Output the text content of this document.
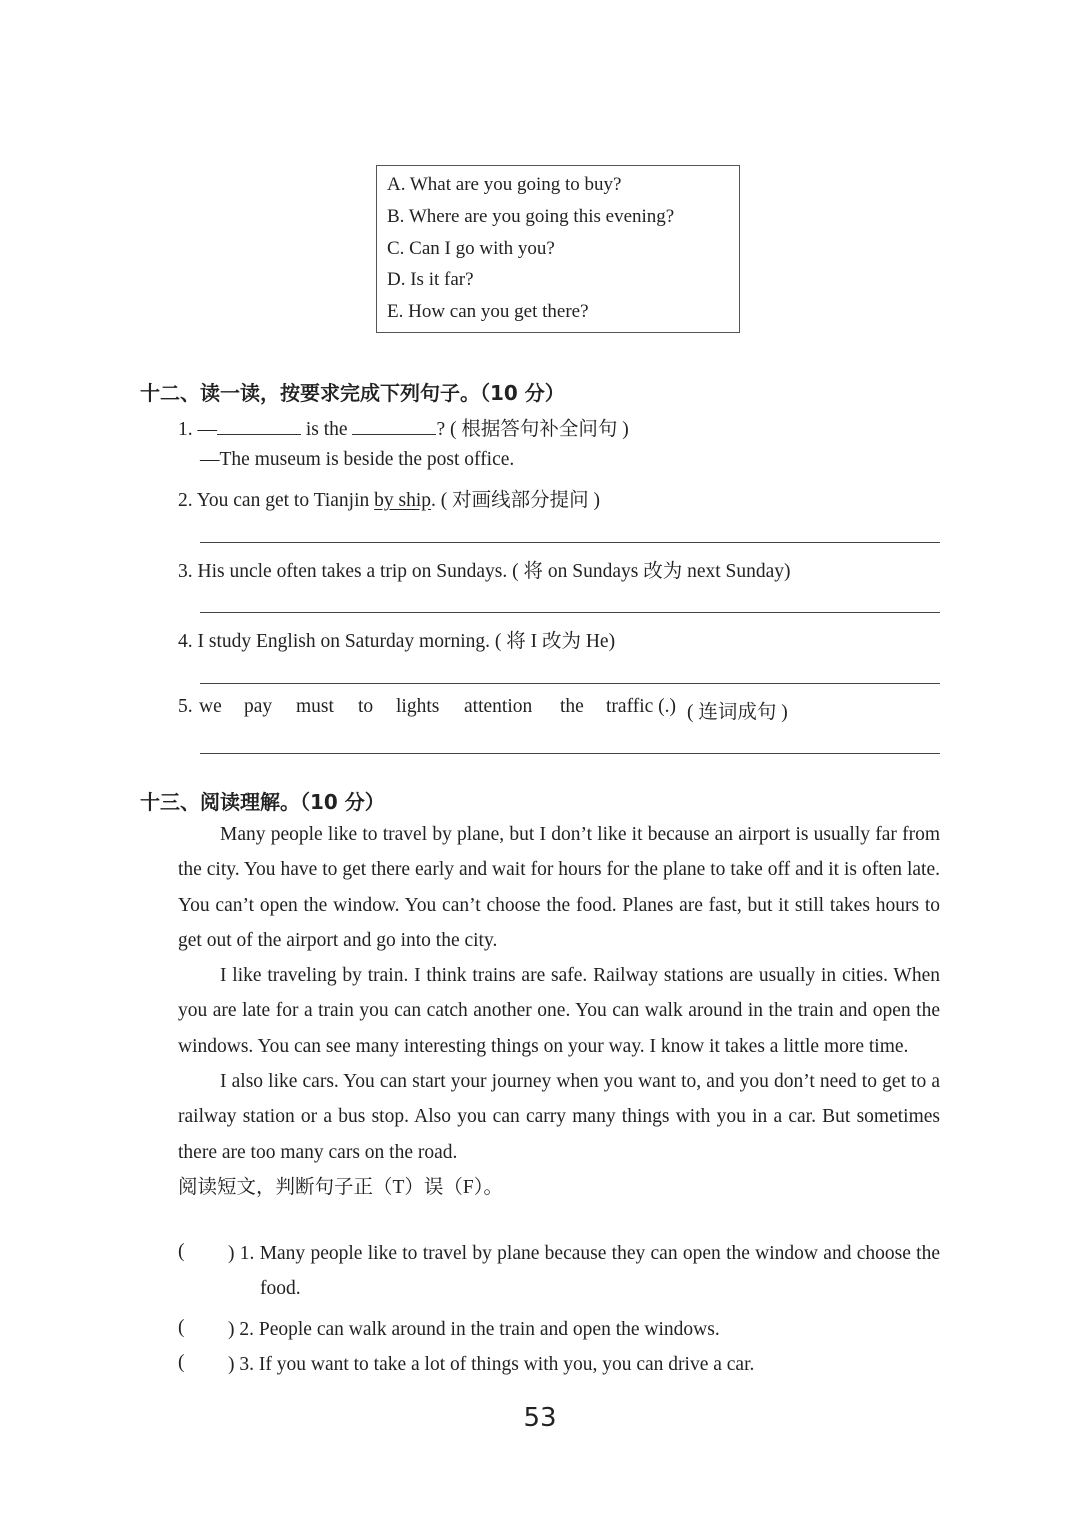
A. What are you going to buy?
B. Where are you going this evening?
C. Can I go with you?
D. Is it far?
E. How can you get there?
十二、读一读，按要求完成下列句子。（10 分）
1. —	is the	? ( 根据答句补全问句 )
—The museum is beside the post office.
2. You can get to Tianjin by ship. ( 对画线部分提问 )
3. His uncle often takes a trip on Sundays. ( 将 on Sundays 改为 next Sunday)
4. I study English on Saturday morning. ( 将 I 改为 He)
5. we pay must to lights attention the traffic (.) ( 连词成句 )
十三、阅读理解。（10 分）

Many people like to travel by plane, but I don’t like it because an airport is usually far from the city. You have to get there early and wait for hours for the plane to take off and it is often late. You can’t open the window. You can’t choose the food. Planes are fast, but it still takes hours to get out of the airport and go into the city.

I like traveling by train. I think trains are safe. Railway stations are usually in cities. When you are late for a train you can catch another one. You can walk around in the train and open the windows. You can see many interesting things on your way. I know it takes a little more time.

I also like cars. You can start your journey when you want to, and you don’t need to get to a railway station or a bus stop. Also you can carry many things with you in a car. But sometimes there are too many cars on the road.

阅读短文，判断句子正（T）误（F）。

( ) 1. Many people like to travel by plane because they can open the window and choose the food.
( ) 2. People can walk around in the train and open the windows.
( ) 3. If you want to take a lot of things with you, you can drive a car.
53
